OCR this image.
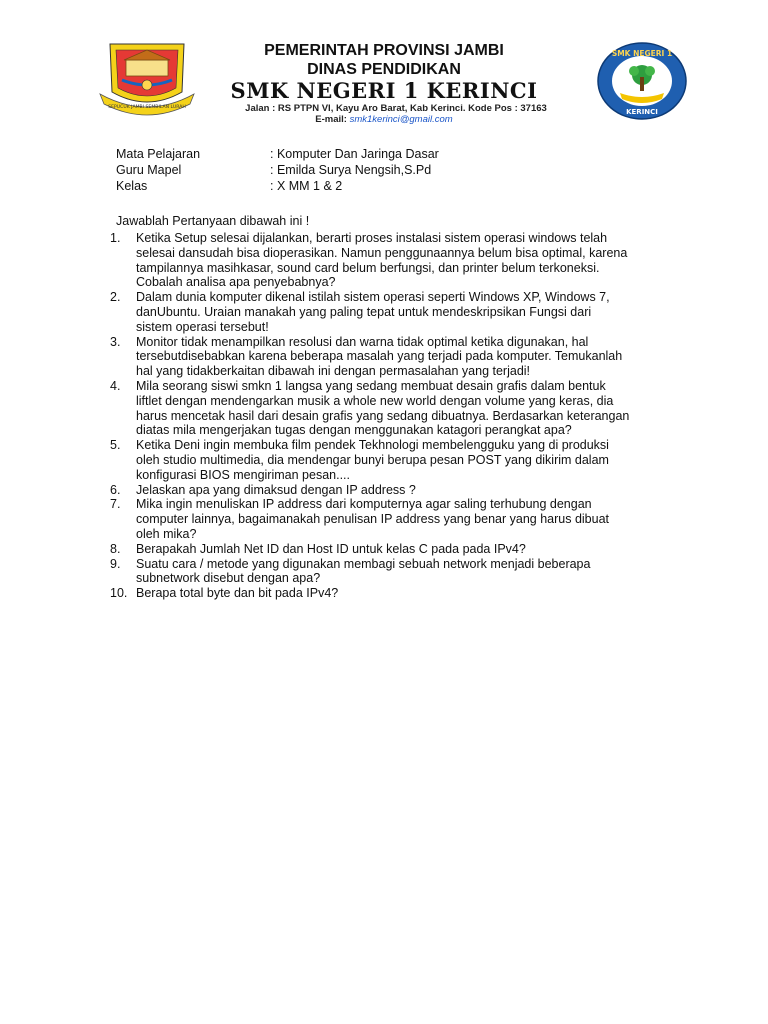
SEPUCUK JAMBI SEMBILAN LURAH
SMK NEGERI 1
KERINCI
PEMERINTAH PROVINSI JAMBI
DINAS PENDIDIKAN
SMK NEGERI 1 KERINCI
Jalan : RS PTPN VI, Kayu Aro Barat, Kab Kerinci. Kode Pos : 37163
E-mail: smk1kerinci@gmail.com
Mata Pelajaran	: Komputer Dan Jaringa Dasar
Guru Mapel	: Emilda Surya Nengsih,S.Pd
Kelas	: X MM 1 & 2
Jawablah Pertanyaan dibawah ini !
1.	Ketika Setup selesai dijalankan, berarti proses instalasi sistem operasi windows telah
selesai dansudah bisa dioperasikan. Namun penggunaannya belum bisa optimal, karena
tampilannya masihkasar, sound card belum berfungsi, dan printer belum terkoneksi.
Cobalah analisa apa penyebabnya?
2.	Dalam dunia komputer dikenal istilah sistem operasi seperti Windows XP, Windows 7,
danUbuntu. Uraian manakah yang paling tepat untuk mendeskripsikan Fungsi dari
sistem operasi tersebut!
3.	Monitor tidak menampilkan resolusi dan warna tidak optimal ketika digunakan, hal
tersebutdisebabkan karena beberapa masalah yang terjadi pada komputer. Temukanlah
hal yang tidakberkaitan dibawah ini dengan permasalahan yang terjadi!
4.	Mila seorang siswi smkn 1 langsa yang sedang membuat desain grafis dalam bentuk
liftlet dengan mendengarkan musik a whole new world dengan volume yang keras, dia
harus mencetak hasil dari desain grafis yang sedang dibuatnya. Berdasarkan keterangan
diatas mila mengerjakan tugas dengan menggunakan katagori perangkat apa?
5.	Ketika Deni ingin membuka film pendek Tekhnologi membelengguku yang di produksi
oleh studio multimedia, dia mendengar bunyi berupa pesan POST yang dikirim dalam
konfigurasi BIOS mengiriman pesan....
6.	Jelaskan apa yang dimaksud dengan IP address ?
7.	Mika ingin menuliskan IP address dari komputernya agar saling terhubung dengan
computer lainnya, bagaimanakah penulisan IP address yang benar yang harus dibuat
oleh mika?
8.	Berapakah Jumlah Net ID dan Host ID untuk kelas C pada pada IPv4?
9.	Suatu cara / metode yang digunakan membagi sebuah network menjadi beberapa
subnetwork disebut dengan apa?
10. Berapa total byte dan bit pada IPv4?
